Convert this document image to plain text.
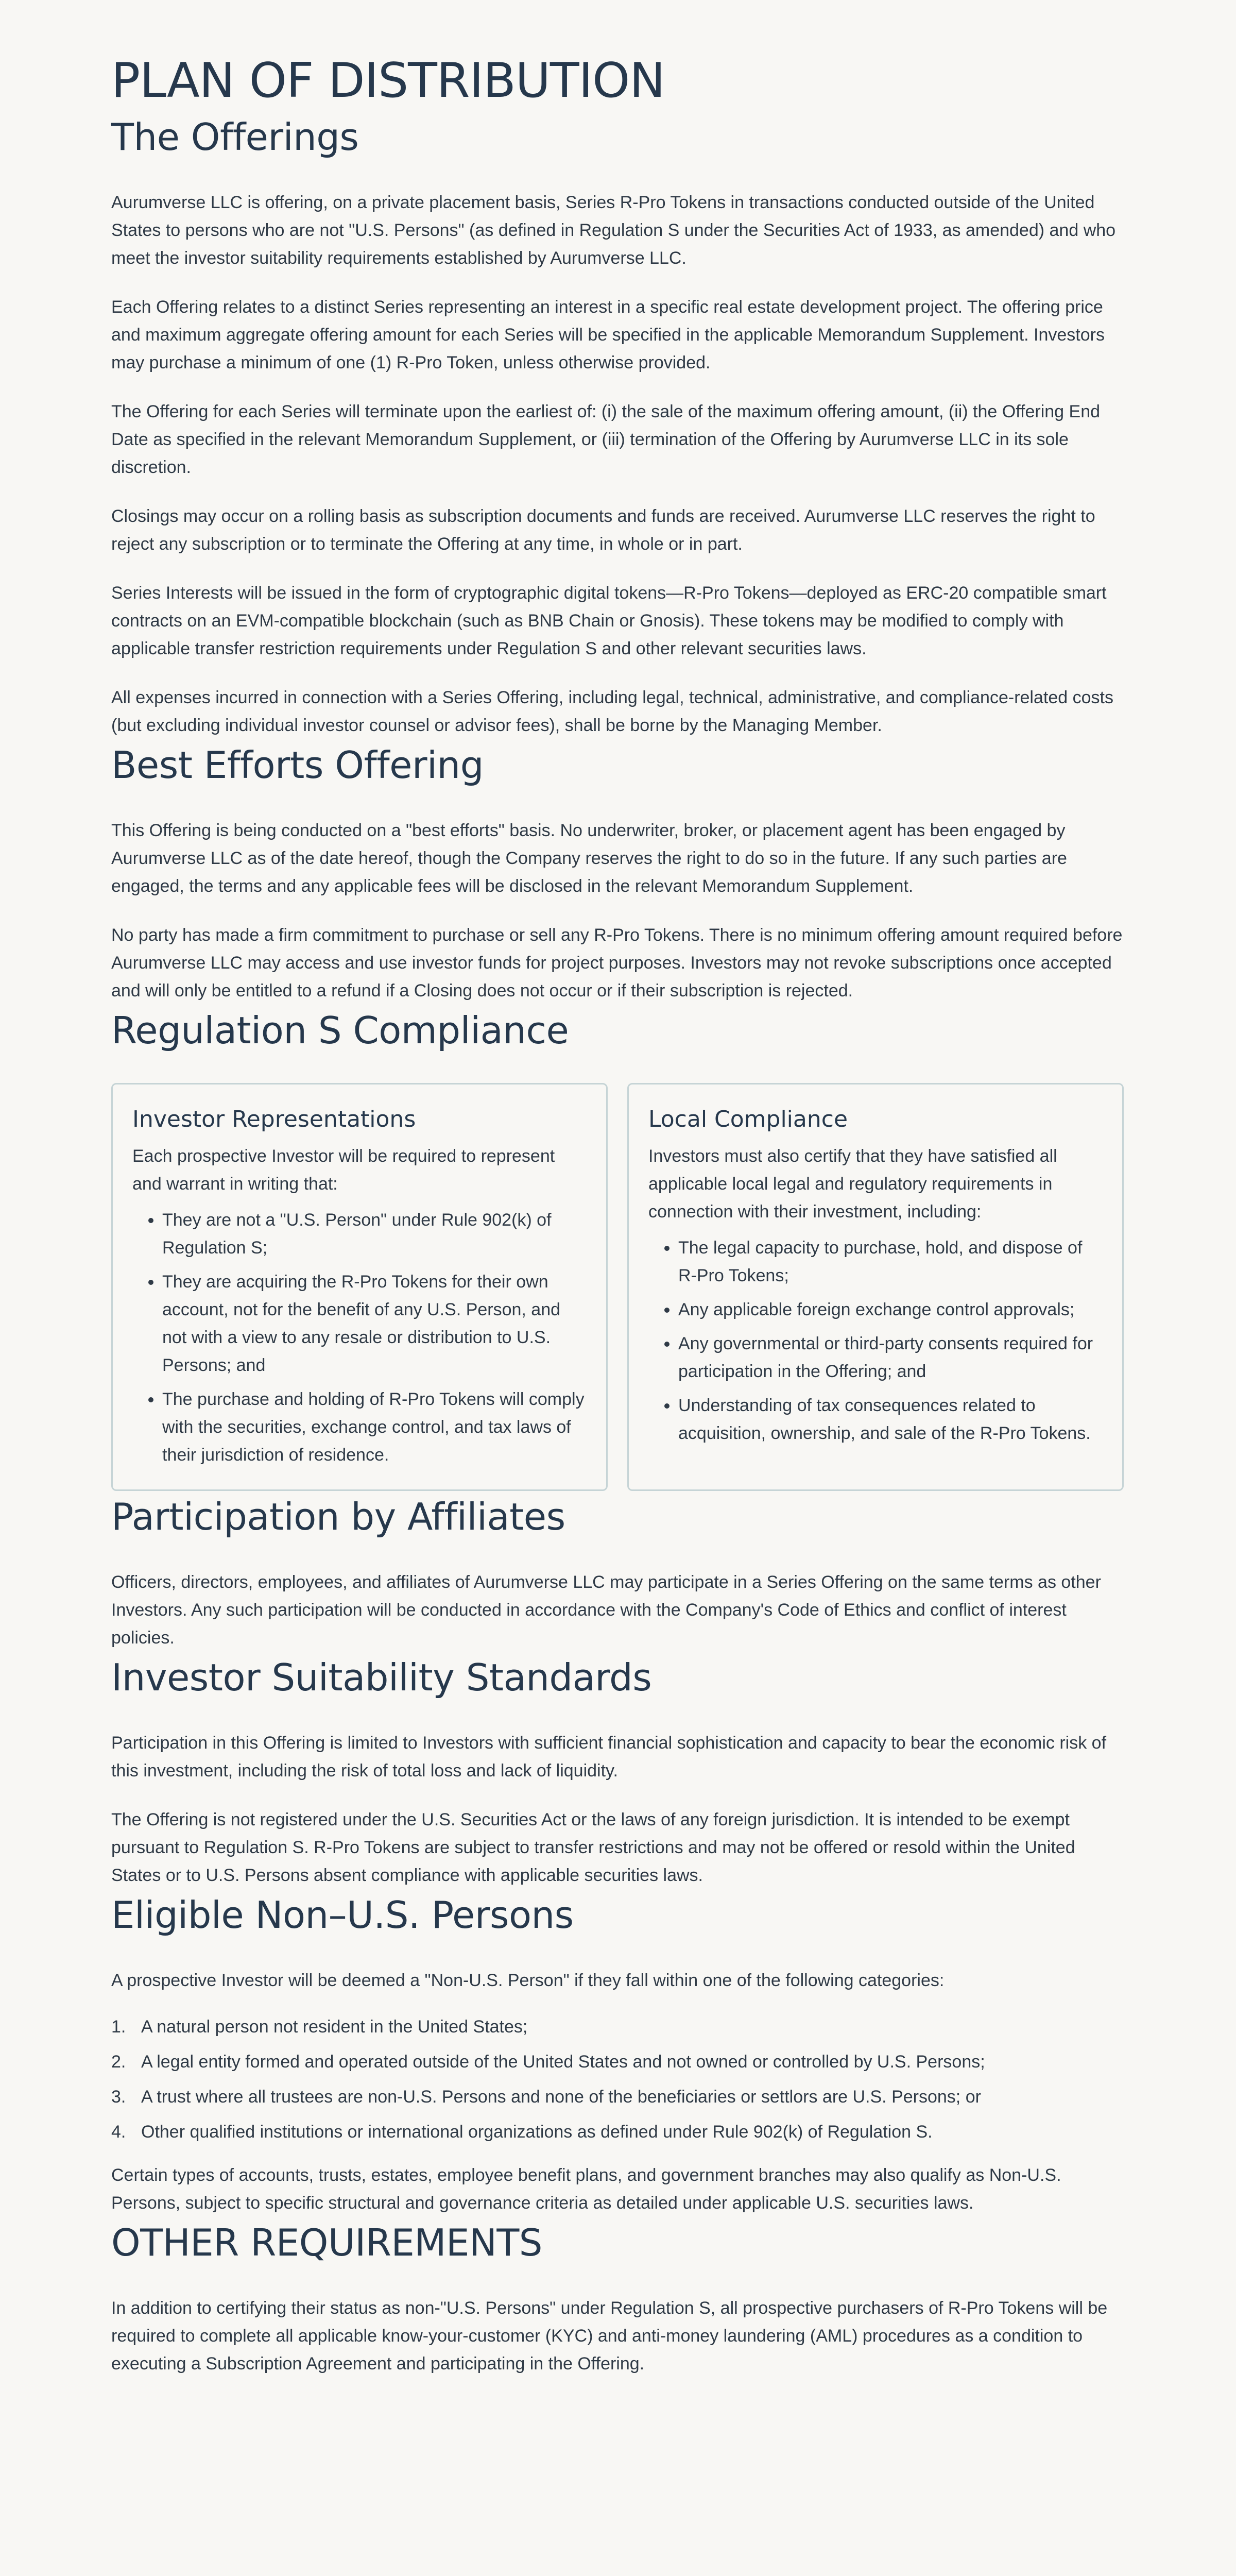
PLAN OF DISTRIBUTION
The Offerings

Aurumverse LLC is offering, on a private placement basis, Series R-Pro Tokens in transactions conducted outside of the United States to persons who are not "U.S. Persons" (as defined in Regulation S under the Securities Act of 1933, as amended) and who meet the investor suitability requirements established by Aurumverse LLC.

Each Offering relates to a distinct Series representing an interest in a specific real estate development project. The offering price and maximum aggregate offering amount for each Series will be specified in the applicable Memorandum Supplement. Investors may purchase a minimum of one (1) R-Pro Token, unless otherwise provided.

The Offering for each Series will terminate upon the earliest of: (i) the sale of the maximum offering amount, (ii) the Offering End Date as specified in the relevant Memorandum Supplement, or (iii) termination of the Offering by Aurumverse LLC in its sole discretion.

Closings may occur on a rolling basis as subscription documents and funds are received. Aurumverse LLC reserves the right to reject any subscription or to terminate the Offering at any time, in whole or in part.

Series Interests will be issued in the form of cryptographic digital tokens—R-Pro Tokens—deployed as ERC-20 compatible smart contracts on an EVM-compatible blockchain (such as BNB Chain or Gnosis). These tokens may be modified to comply with applicable transfer restriction requirements under Regulation S and other relevant securities laws.

All expenses incurred in connection with a Series Offering, including legal, technical, administrative, and compliance-related costs (but excluding individual investor counsel or advisor fees), shall be borne by the Managing Member.

Best Efforts Offering

This Offering is being conducted on a "best efforts" basis. No underwriter, broker, or placement agent has been engaged by Aurumverse LLC as of the date hereof, though the Company reserves the right to do so in the future. If any such parties are engaged, the terms and any applicable fees will be disclosed in the relevant Memorandum Supplement.

No party has made a firm commitment to purchase or sell any R-Pro Tokens. There is no minimum offering amount required before Aurumverse LLC may access and use investor funds for project purposes. Investors may not revoke subscriptions once accepted and will only be entitled to a refund if a Closing does not occur or if their subscription is rejected.

Regulation S Compliance
Investor Representations

Each prospective Investor will be required to represent and warrant in writing that:

• They are not a "U.S. Person" under Rule 902(k) of Regulation S;
• They are acquiring the R-Pro Tokens for their own account, not for the benefit of any U.S. Person, and not with a view to any resale or distribution to U.S. Persons; and
• The purchase and holding of R-Pro Tokens will comply with the securities, exchange control, and tax laws of their jurisdiction of residence.
Local Compliance

Investors must also certify that they have satisfied all applicable local legal and regulatory requirements in connection with their investment, including:

• The legal capacity to purchase, hold, and dispose of R-Pro Tokens;
• Any applicable foreign exchange control approvals;
• Any governmental or third-party consents required for participation in the Offering; and
• Understanding of tax consequences related to acquisition, ownership, and sale of the R-Pro Tokens.
Participation by Affiliates

Officers, directors, employees, and affiliates of Aurumverse LLC may participate in a Series Offering on the same terms as other Investors. Any such participation will be conducted in accordance with the Company's Code of Ethics and conflict of interest policies.

Investor Suitability Standards

Participation in this Offering is limited to Investors with sufficient financial sophistication and capacity to bear the economic risk of this investment, including the risk of total loss and lack of liquidity.

The Offering is not registered under the U.S. Securities Act or the laws of any foreign jurisdiction. It is intended to be exempt pursuant to Regulation S. R-Pro Tokens are subject to transfer restrictions and may not be offered or resold within the United States or to U.S. Persons absent compliance with applicable securities laws.

Eligible Non–U.S. Persons

A prospective Investor will be deemed a "Non-U.S. Person" if they fall within one of the following categories:

1. A natural person not resident in the United States;
2. A legal entity formed and operated outside of the United States and not owned or controlled by U.S. Persons;
3. A trust where all trustees are non-U.S. Persons and none of the beneficiaries or settlors are U.S. Persons; or
4. Other qualified institutions or international organizations as defined under Rule 902(k) of Regulation S.

Certain types of accounts, trusts, estates, employee benefit plans, and government branches may also qualify as Non-U.S. Persons, subject to specific structural and governance criteria as detailed under applicable U.S. securities laws.

OTHER REQUIREMENTS

In addition to certifying their status as non-"U.S. Persons" under Regulation S, all prospective purchasers of R-Pro Tokens will be required to complete all applicable know-your-customer (KYC) and anti-money laundering (AML) procedures as a condition to executing a Subscription Agreement and participating in the Offering.
